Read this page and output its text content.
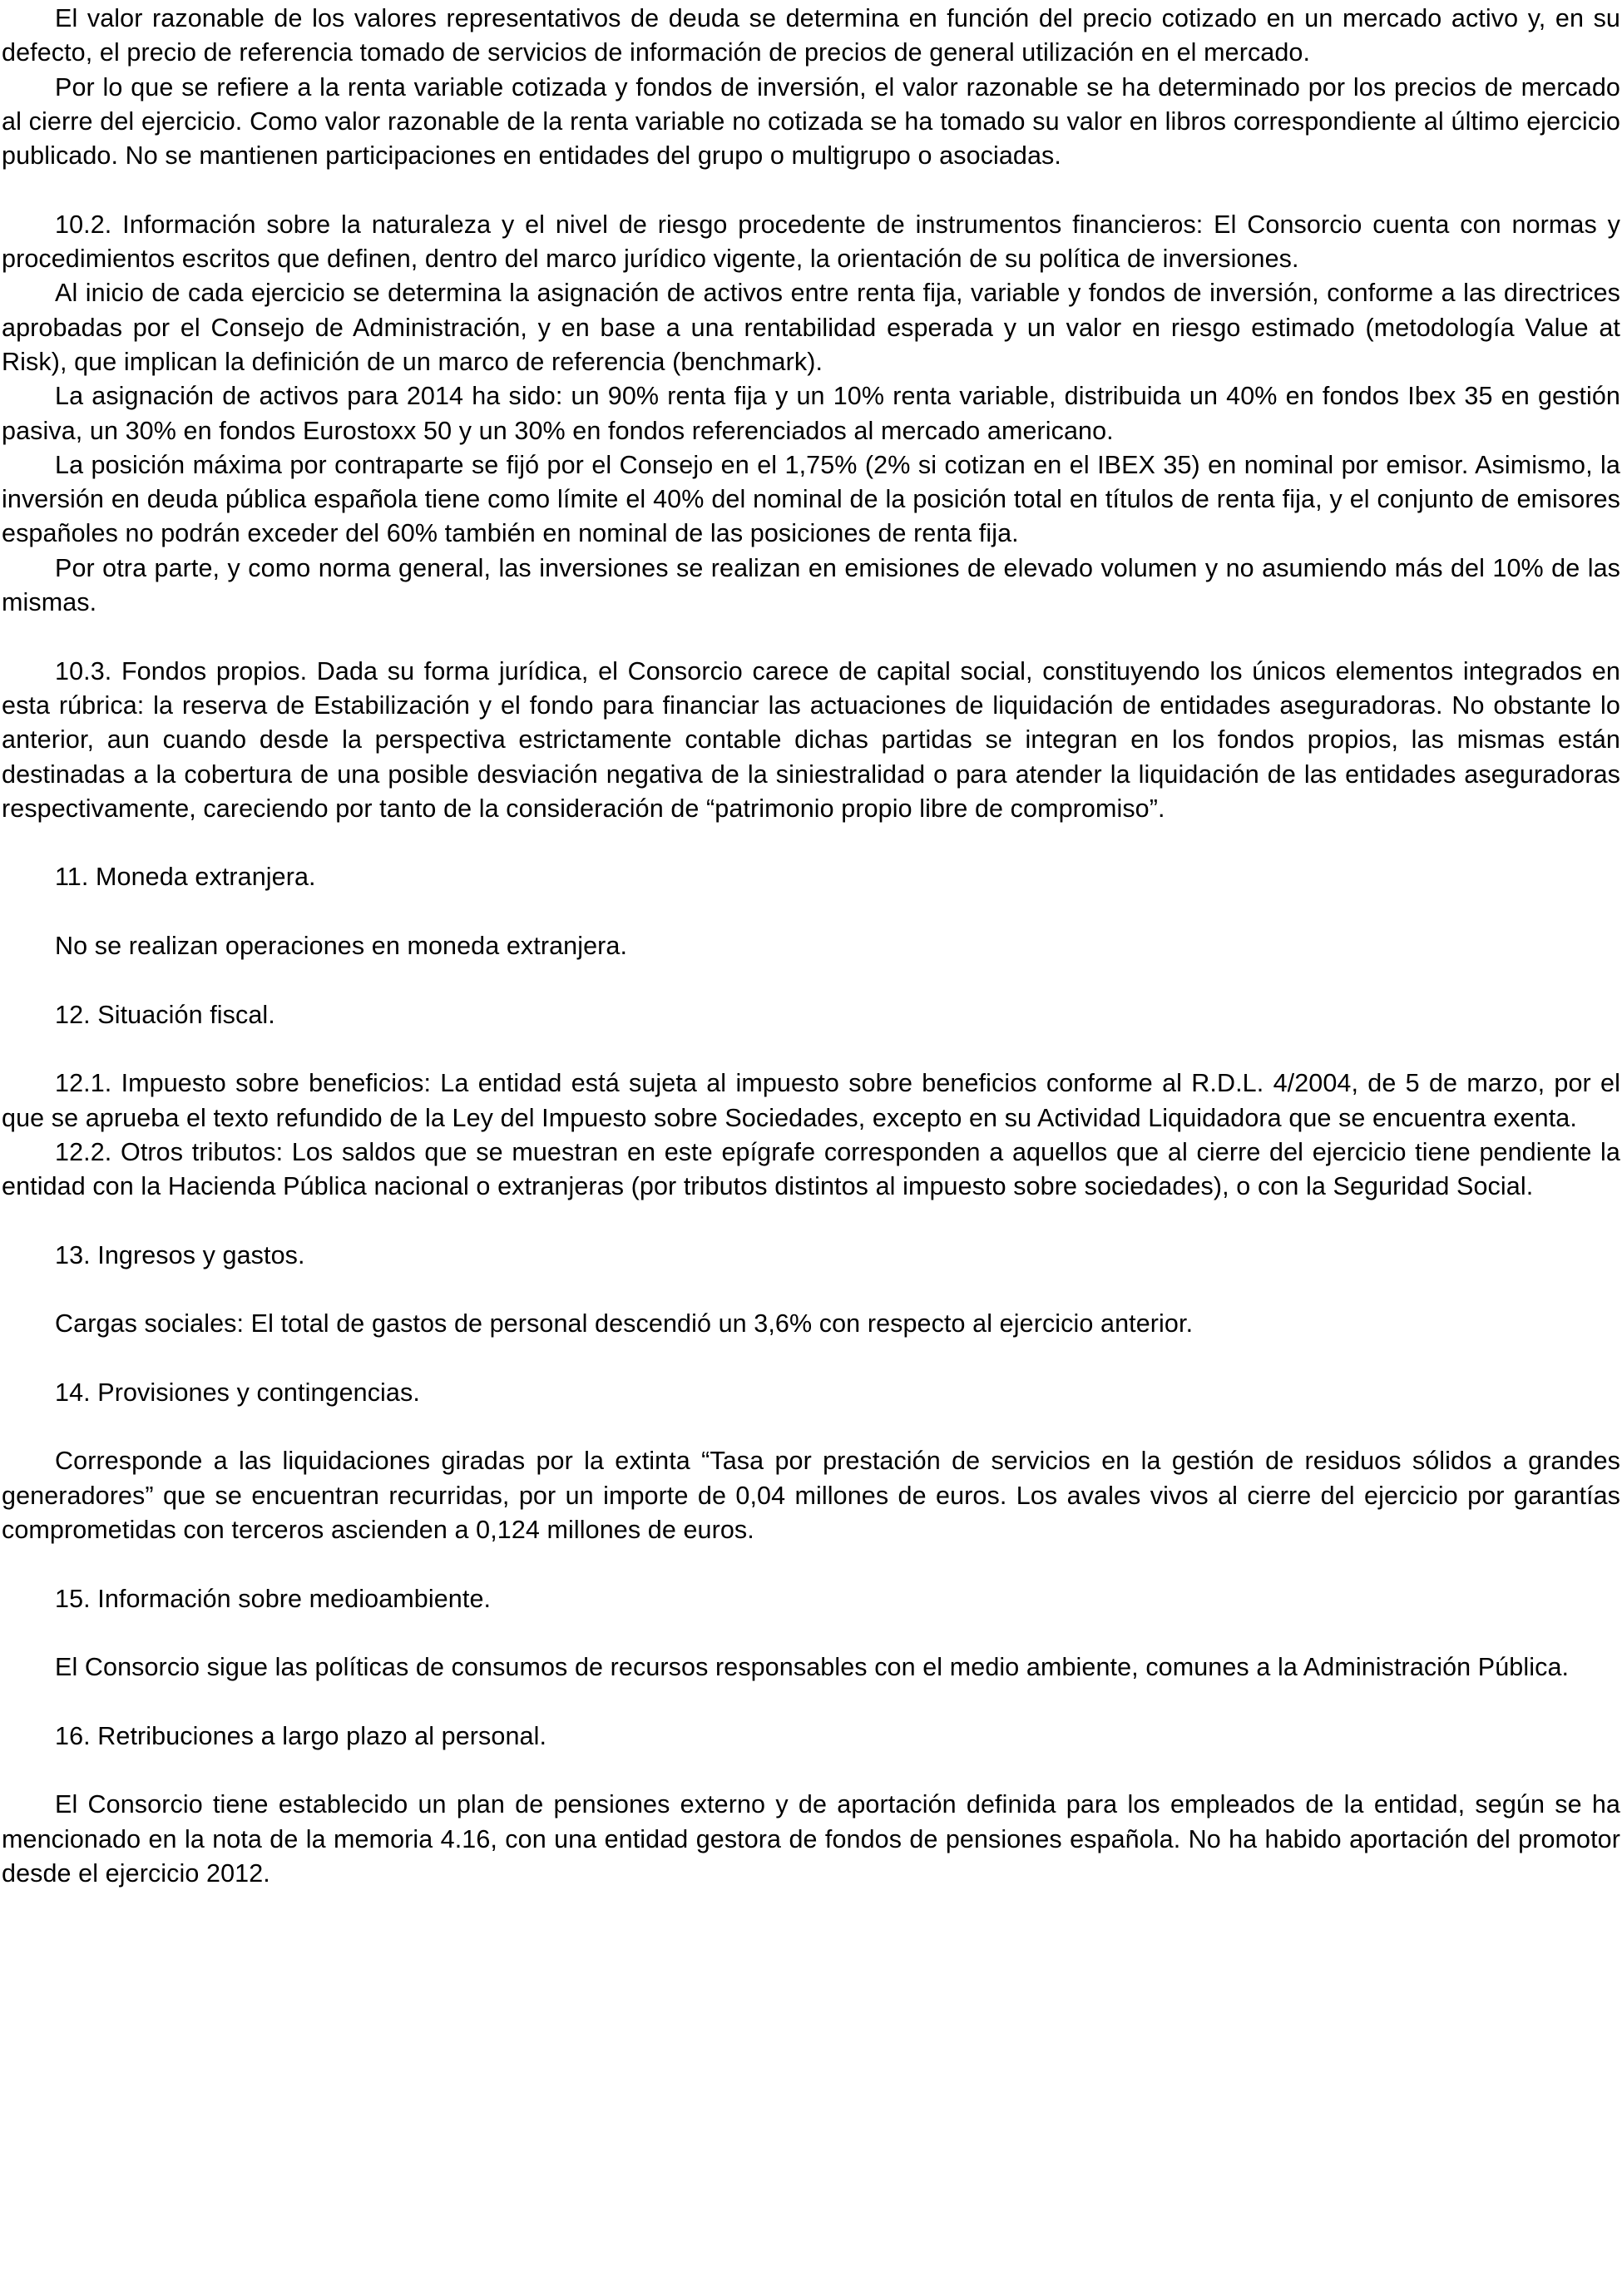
El valor razonable de los valores representativos de deuda se determina en función del precio cotizado en un mercado activo y, en su defecto, el precio de referencia tomado de servicios de información de precios de general utilización en el mercado.

Por lo que se refiere a la renta variable cotizada y fondos de inversión, el valor razonable se ha determinado por los precios de mercado al cierre del ejercicio. Como valor razonable de la renta variable no cotizada se ha tomado su valor en libros correspondiente al último ejercicio publicado. No se mantienen participaciones en entidades del grupo o multigrupo o asociadas.

10.2. Información sobre la naturaleza y el nivel de riesgo procedente de instrumentos financieros: El Consorcio cuenta con normas y procedimientos escritos que definen, dentro del marco jurídico vigente, la orientación de su política de inversiones.

Al inicio de cada ejercicio se determina la asignación de activos entre renta fija, variable y fondos de inversión, conforme a las directrices aprobadas por el Consejo de Administración, y en base a una rentabilidad esperada y un valor en riesgo estimado (metodología Value at Risk), que implican la definición de un marco de referencia (benchmark).

La asignación de activos para 2014 ha sido: un 90% renta fija y un 10% renta variable, distribuida un 40% en fondos Ibex 35 en gestión pasiva, un 30% en fondos Eurostoxx 50 y un 30% en fondos referenciados al mercado americano.

La posición máxima por contraparte se fijó por el Consejo en el 1,75% (2% si cotizan en el IBEX 35) en nominal por emisor. Asimismo, la inversión en deuda pública española tiene como límite el 40% del nominal de la posición total en títulos de renta fija, y el conjunto de emisores españoles no podrán exceder del 60% también en nominal de las posiciones de renta fija.

Por otra parte, y como norma general, las inversiones se realizan en emisiones de elevado volumen y no asumiendo más del 10% de las mismas.

10.3. Fondos propios. Dada su forma jurídica, el Consorcio carece de capital social, constituyendo los únicos elementos integrados en esta rúbrica: la reserva de Estabilización y el fondo para financiar las actuaciones de liquidación de entidades aseguradoras. No obstante lo anterior, aun cuando desde la perspectiva estrictamente contable dichas partidas se integran en los fondos propios, las mismas están destinadas a la cobertura de una posible desviación negativa de la siniestralidad o para atender la liquidación de las entidades aseguradoras respectivamente, careciendo por tanto de la consideración de “patrimonio propio libre de compromiso”.

11. Moneda extranjera.

No se realizan operaciones en moneda extranjera.

12. Situación fiscal.

12.1. Impuesto sobre beneficios: La entidad está sujeta al impuesto sobre beneficios conforme al R.D.L. 4/2004, de 5 de marzo, por el que se aprueba el texto refundido de la Ley del Impuesto sobre Sociedades, excepto en su Actividad Liquidadora que se encuentra exenta.

12.2. Otros tributos: Los saldos que se muestran en este epígrafe corresponden a aquellos que al cierre del ejercicio tiene pendiente la entidad con la Hacienda Pública nacional o extranjeras (por tributos distintos al impuesto sobre sociedades), o con la Seguridad Social.

13. Ingresos y gastos.

Cargas sociales: El total de gastos de personal descendió un 3,6% con respecto al ejercicio anterior.

14. Provisiones y contingencias.

Corresponde a las liquidaciones giradas por la extinta “Tasa por prestación de servicios en la gestión de residuos sólidos a grandes generadores” que se encuentran recurridas, por un importe de 0,04 millones de euros. Los avales vivos al cierre del ejercicio por garantías comprometidas con terceros ascienden a 0,124 millones de euros.

15. Información sobre medioambiente.

El Consorcio sigue las políticas de consumos de recursos responsables con el medio ambiente, comunes a la Administración Pública.

16. Retribuciones a largo plazo al personal.

El Consorcio tiene establecido un plan de pensiones externo y de aportación definida para los empleados de la entidad, según se ha mencionado en la nota de la memoria 4.16, con una entidad gestora de fondos de pensiones española. No ha habido aportación del promotor desde el ejercicio 2012.
